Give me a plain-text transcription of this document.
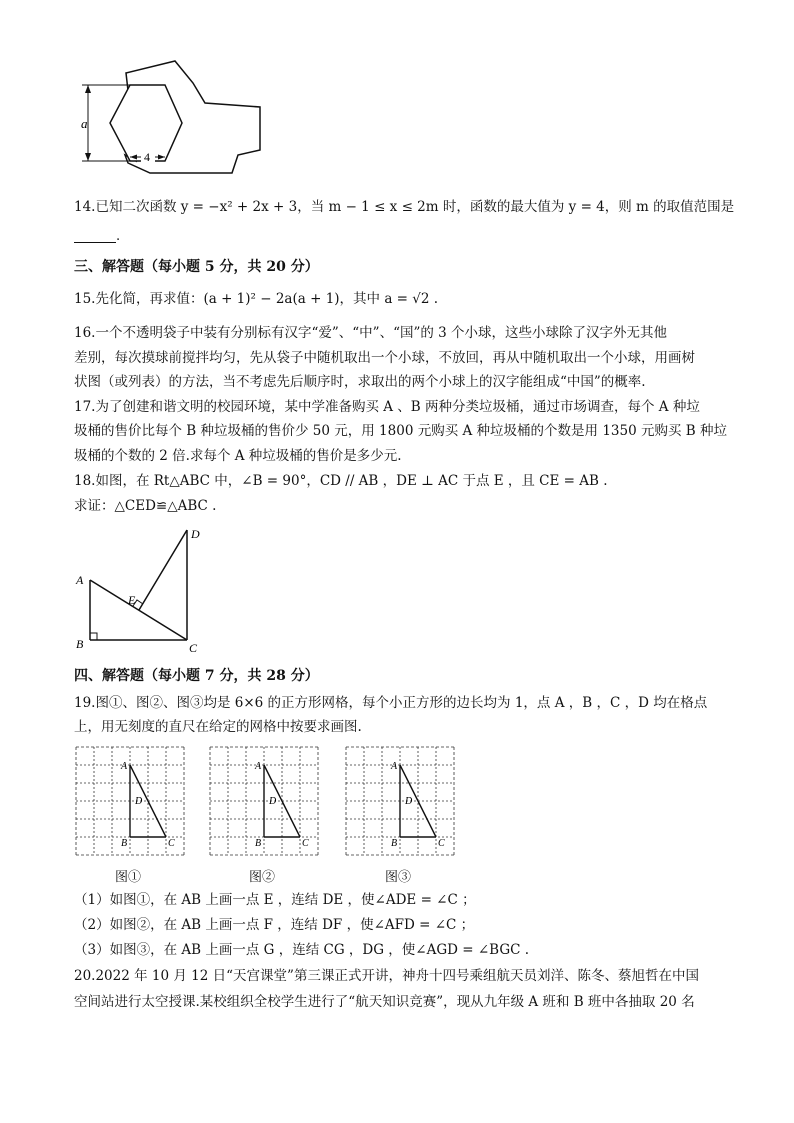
a
4
14.已知二次函数 y = −x² + 2x + 3，当 m − 1 ≤ x ≤ 2m 时，函数的最大值为 y = 4，则 m 的取值范围是
.
三、解答题（每小题 5 分，共 20 分）
15.先化简，再求值：(a + 1)² − 2a(a + 1)，其中 a = √2 .
16.一个不透明袋子中装有分别标有汉字“爱”、“中”、“国”的 3 个小球，这些小球除了汉字外无其他
差别，每次摸球前搅拌均匀，先从袋子中随机取出一个小球，不放回，再从中随机取出一个小球，用画树
状图（或列表）的方法，当不考虑先后顺序时，求取出的两个小球上的汉字能组成“中国”的概率.
17.为了创建和谐文明的校园环境，某中学准备购买 A 、B 两种分类垃圾桶，通过市场调查，每个 A 种垃
圾桶的售价比每个 B 种垃圾桶的售价少 50 元，用 1800 元购买 A 种垃圾桶的个数是用 1350 元购买 B 种垃
圾桶的个数的 2 倍.求每个 A 种垃圾桶的售价是多少元.
18.如图，在 Rt△ABC 中，∠B = 90°，CD // AB ，DE ⊥ AC 于点 E ，且 CE = AB .
求证：△CED≌△ABC .
D
A
E
B	C
四、解答题（每小题 7 分，共 28 分）
19.图①、图②、图③均是 6×6 的正方形网格，每个小正方形的边长均为 1，点 A ，B ，C ，D 均在格点
上，用无刻度的直尺在给定的网格中按要求画图.
A
B	C
D
A
B	C
D
A
B	C
D
图①	图②	图③
（1）如图①，在 AB 上画一点 E ，连结 DE ，使∠ADE = ∠C ；
（2）如图②，在 AB 上画一点 F ，连结 DF ，使∠AFD = ∠C ；
（3）如图③，在 AB 上画一点 G ，连结 CG ，DG ，使∠AGD = ∠BGC .
20.2022 年 10 月 12 日“天宫课堂”第三课正式开讲，神舟十四号乘组航天员刘洋、陈冬、蔡旭哲在中国
空间站进行太空授课.某校组织全校学生进行了“航天知识竞赛”，现从九年级 A 班和 B 班中各抽取 20 名
